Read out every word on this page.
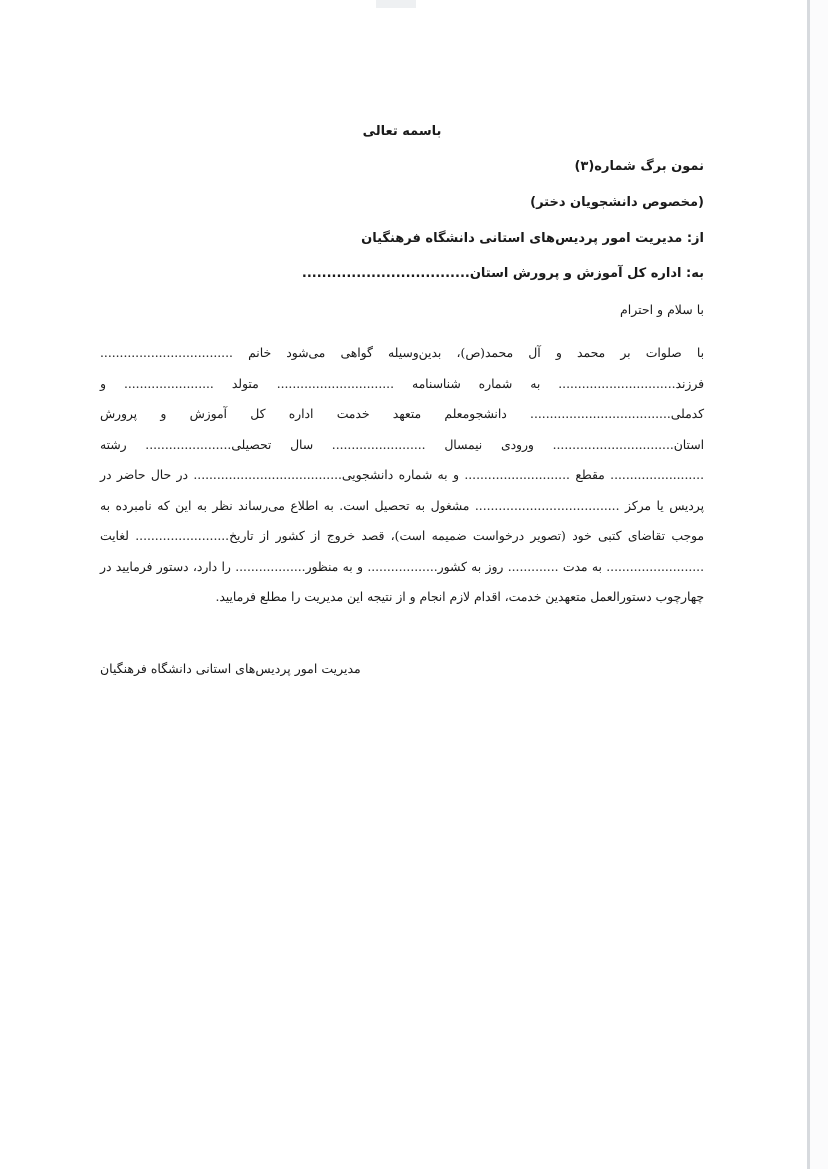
باسمه تعالی

نمون برگ شماره(۳)

(مخصوص دانشجویان دختر)

از: مدیریت امور پردیس‌های استانی دانشگاه فرهنگیان

به: اداره کل آموزش و پرورش استان..................................

با سلام و احترام

با صلوات بر محمد و آل محمد(ص)، بدین‌وسیله گواهی می‌شود خانم .................................. فرزند.............................. به شماره شناسنامه .............................. متولد ....................... و کدملی.................................... دانشجومعلم متعهد خدمت اداره کل آموزش و پرورش استان............................... ورودی نیمسال ........................ سال تحصیلی...................... رشته ........................ مقطع ........................... و به شماره دانشجویی...................................... در حال حاضر در پردیس یا مرکز ..................................... مشغول به تحصیل است. به اطلاع می‌رساند نظر به این که نامبرده به موجب تقاضای کتبی خود (تصویر درخواست ضمیمه است)، قصد خروج از کشور از تاریخ........................ لغایت ......................... به مدت ............. روز به کشور.................. و به منظور.................. را دارد، دستور فرمایید در چهارچوب دستورالعمل متعهدین خدمت، اقدام لازم انجام و از نتیجه این مدیریت را مطلع فرمایید.

مدیریت امور پردیس‌های استانی دانشگاه فرهنگیان
